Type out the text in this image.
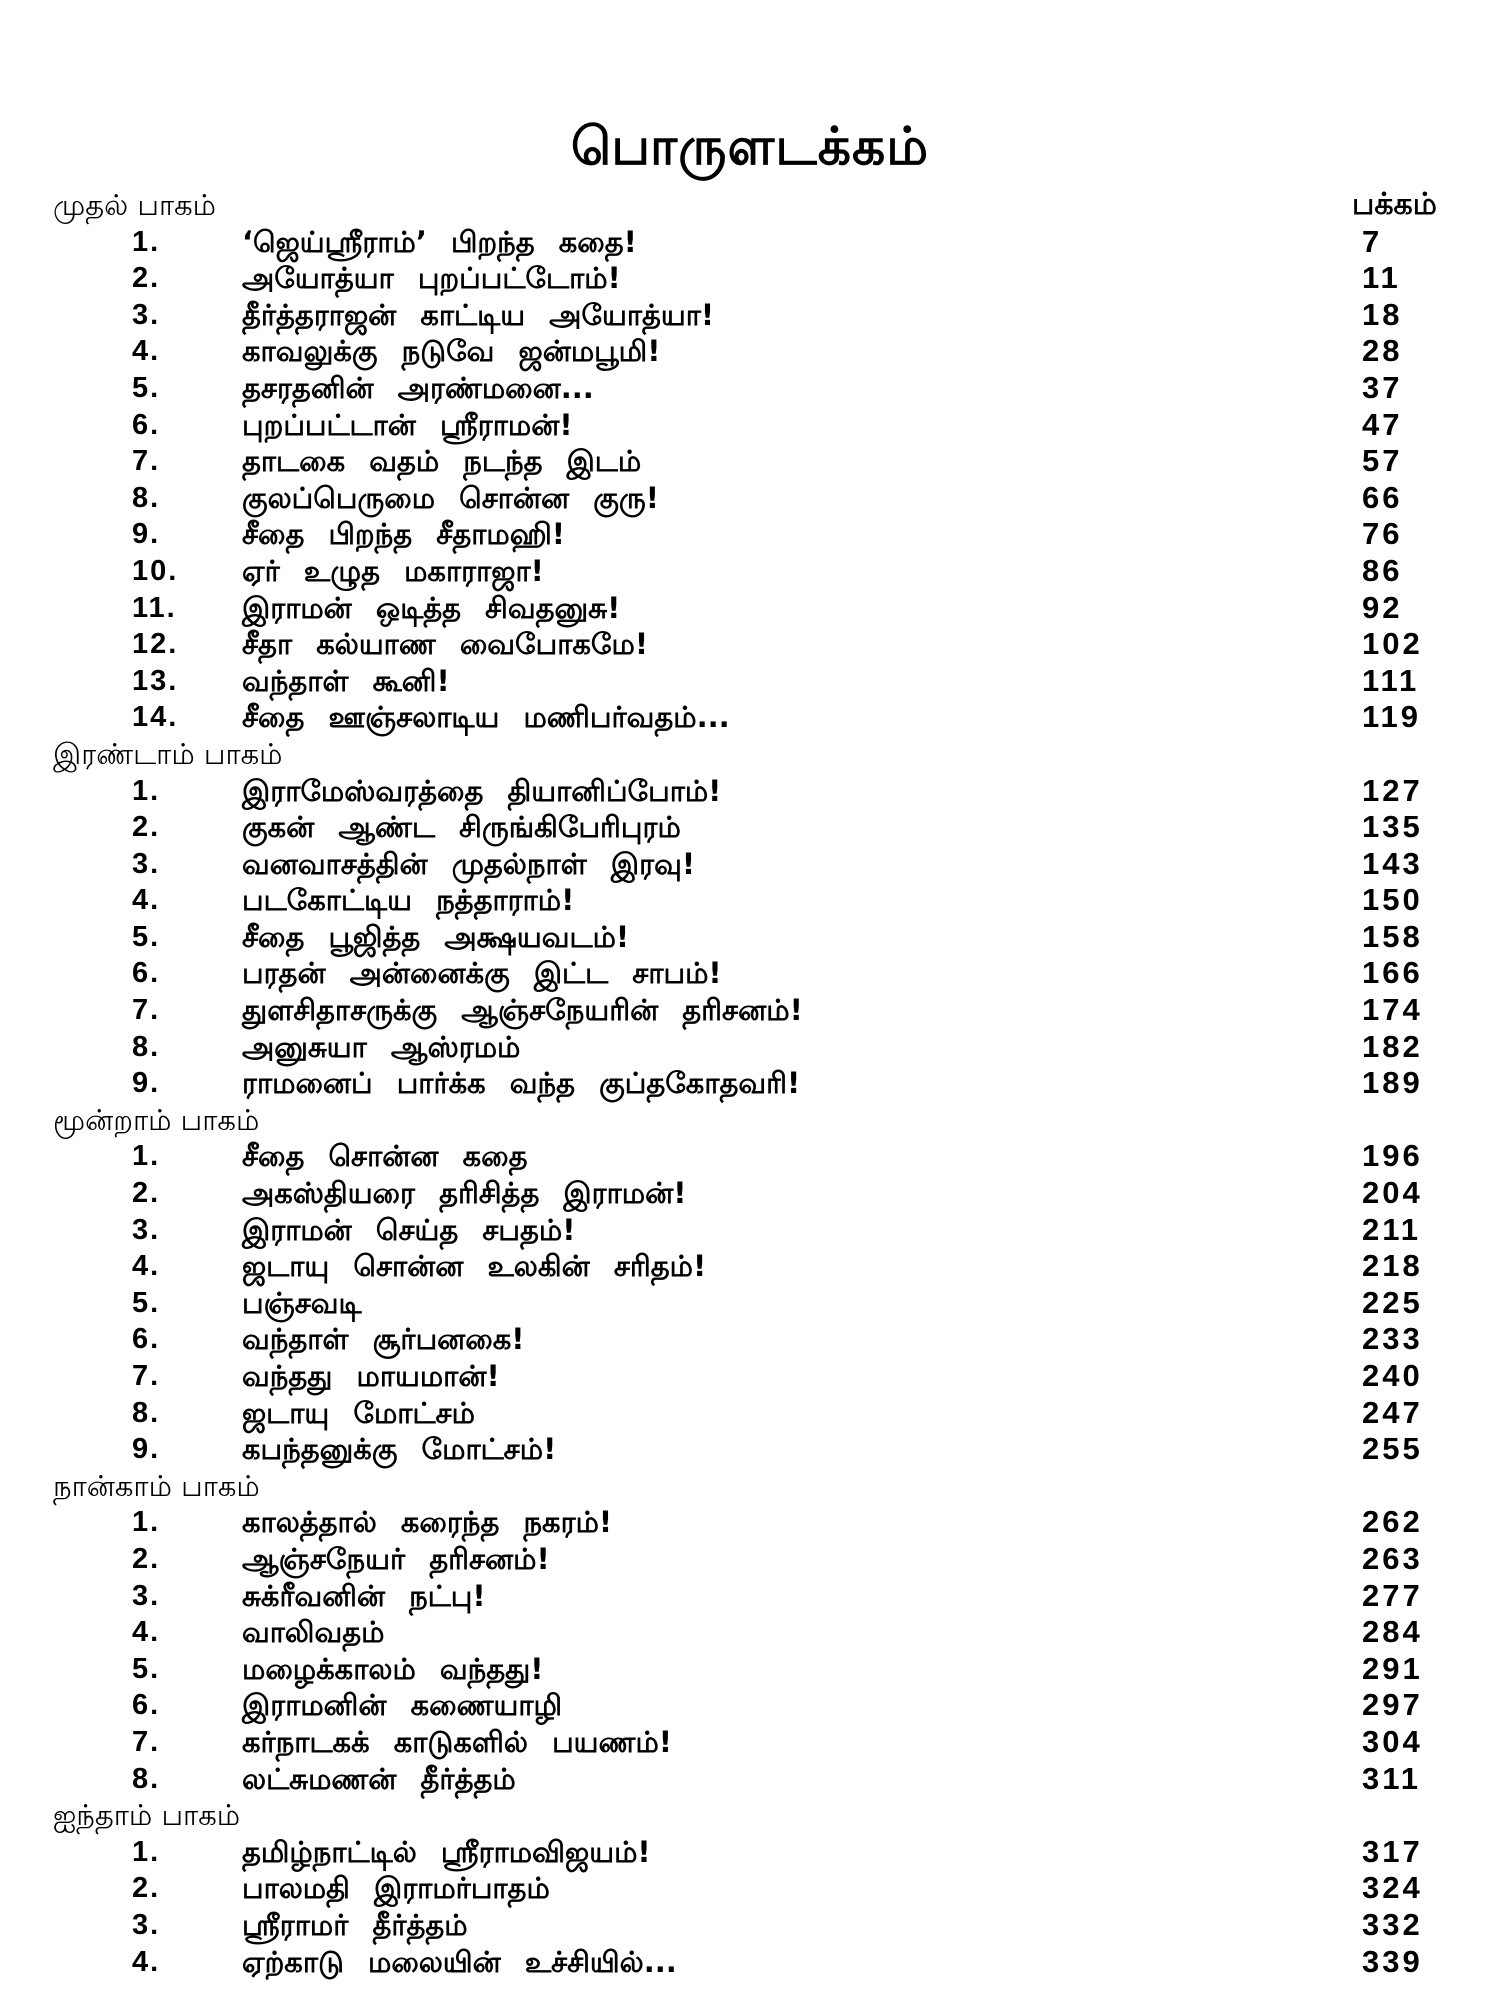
பொருளடக்கம்
பக்கம்
முதல் பாகம்
1.	‘ஜெய்ஸ்ரீராம்’ பிறந்த கதை!	7
2.	அயோத்யா புறப்பட்டோம்!	11
3.	தீர்த்தராஜன் காட்டிய அயோத்யா!	18
4.	காவலுக்கு நடுவே ஜன்மபூமி!	28
5.	தசரதனின் அரண்மனை...	37
6.	புறப்பட்டான் ஸ்ரீராமன்!	47
7.	தாடகை வதம் நடந்த இடம்	57
8.	குலப்பெருமை சொன்ன குரு!	66
9.	சீதை பிறந்த சீதாமஹி!	76
10. ஏர் உழுத மகாராஜா!	86
11. இராமன் ஒடித்த சிவதனுசு!	92
12. சீதா கல்யாண வைபோகமே!	102
13. வந்தாள் கூனி!	111
14. சீதை ஊஞ்சலாடிய மணிபர்வதம்...	119
இரண்டாம் பாகம்
1.	இராமேஸ்வரத்தை தியானிப்போம்!	127
2.	குகன் ஆண்ட சிருங்கிபேரிபுரம்	135
3.	வனவாசத்தின் முதல்நாள் இரவு!	143
4.	படகோட்டிய நத்தாராம்!	150
5.	சீதை பூஜித்த அக்ஷயவடம்!	158
6.	பரதன் அன்னைக்கு இட்ட சாபம்!	166
7.	துளசிதாசருக்கு ஆஞ்சநேயரின் தரிசனம்!	174
8.	அனுசுயா ஆஸ்ரமம்	182
9.	ராமனைப் பார்க்க வந்த குப்தகோதவரி!	189
மூன்றாம் பாகம்
1.	சீதை சொன்ன கதை	196
2.	அகஸ்தியரை தரிசித்த இராமன்!	204
3.	இராமன் செய்த சபதம்!	211
4.	ஜடாயு சொன்ன உலகின் சரிதம்!	218
5.	பஞ்சவடி	225
6.	வந்தாள் சூர்பனகை!	233
7.	வந்தது மாயமான்!	240
8.	ஜடாயு மோட்சம்	247
9.	கபந்தனுக்கு மோட்சம்!	255
நான்காம் பாகம்
1.	காலத்தால் கரைந்த நகரம்!	262
2.	ஆஞ்சநேயர் தரிசனம்!	263
3.	சுக்ரீவனின் நட்பு!	277
4.	வாலிவதம்	284
5.	மழைக்காலம் வந்தது!	291
6.	இராமனின் கணையாழி	297
7.	கர்நாடகக் காடுகளில் பயணம்!	304
8.	லட்சுமணன் தீர்த்தம்	311
ஐந்தாம் பாகம்
1.	தமிழ்நாட்டில் ஸ்ரீராமவிஜயம்!	317
2.	பாலமதி இராமர்பாதம்	324
3.	ஸ்ரீராமர் தீர்த்தம்	332
4.	ஏற்காடு மலையின் உச்சியில்...	339
